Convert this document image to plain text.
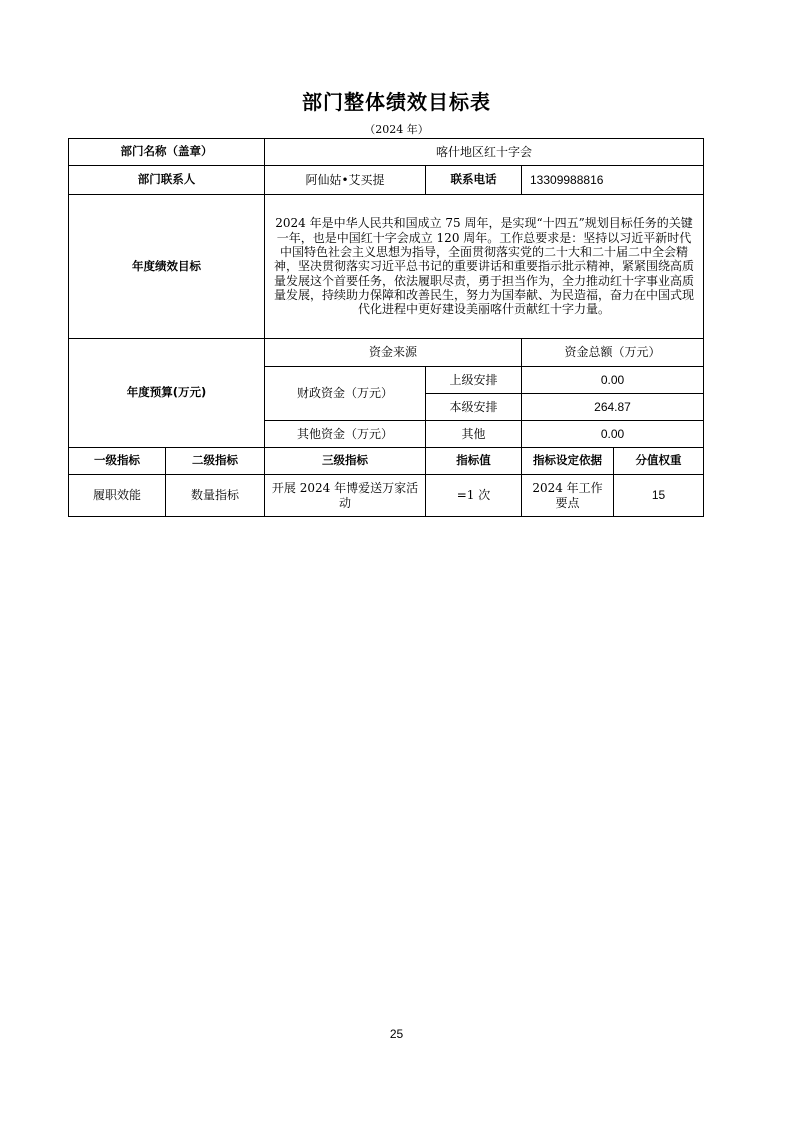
部门整体绩效目标表
（2024 年）
部门名称（盖章）		喀什地区红十字会			
部门联系人		阿仙姑•艾买提	联系电话	13309988816	
年度绩效目标		2024 年是中华人民共和国成立 75 周年，是实现“十四五”规划目标任务的关键一年，也是中国红十字会成立 120 周年。工作总要求是：坚持以习近平新时代中国特色社会主义思想为指导，全面贯彻落实党的二十大和二十届二中全会精神，坚决贯彻落实习近平总书记的重要讲话和重要指示批示精神，紧紧围绕高质量发展这个首要任务，依法履职尽责，勇于担当作为，全力推动红十字事业高质量发展，持续助力保障和改善民生，努力为国奉献、为民造福，奋力在中国式现代化进程中更好建设美丽喀什贡献红十字力量。			
年度预算(万元)		资金来源		资金总额（万元）	
		财政资金（万元）	上级安排	0.00	
			本级安排	264.87	
		其他资金（万元）	其他	0.00	
一级指标	二级指标	三级指标	指标值	指标设定依据	分值权重
履职效能	数量指标	开展 2024 年博爱送万家活动	=1 次	2024 年工作要点	15
25
